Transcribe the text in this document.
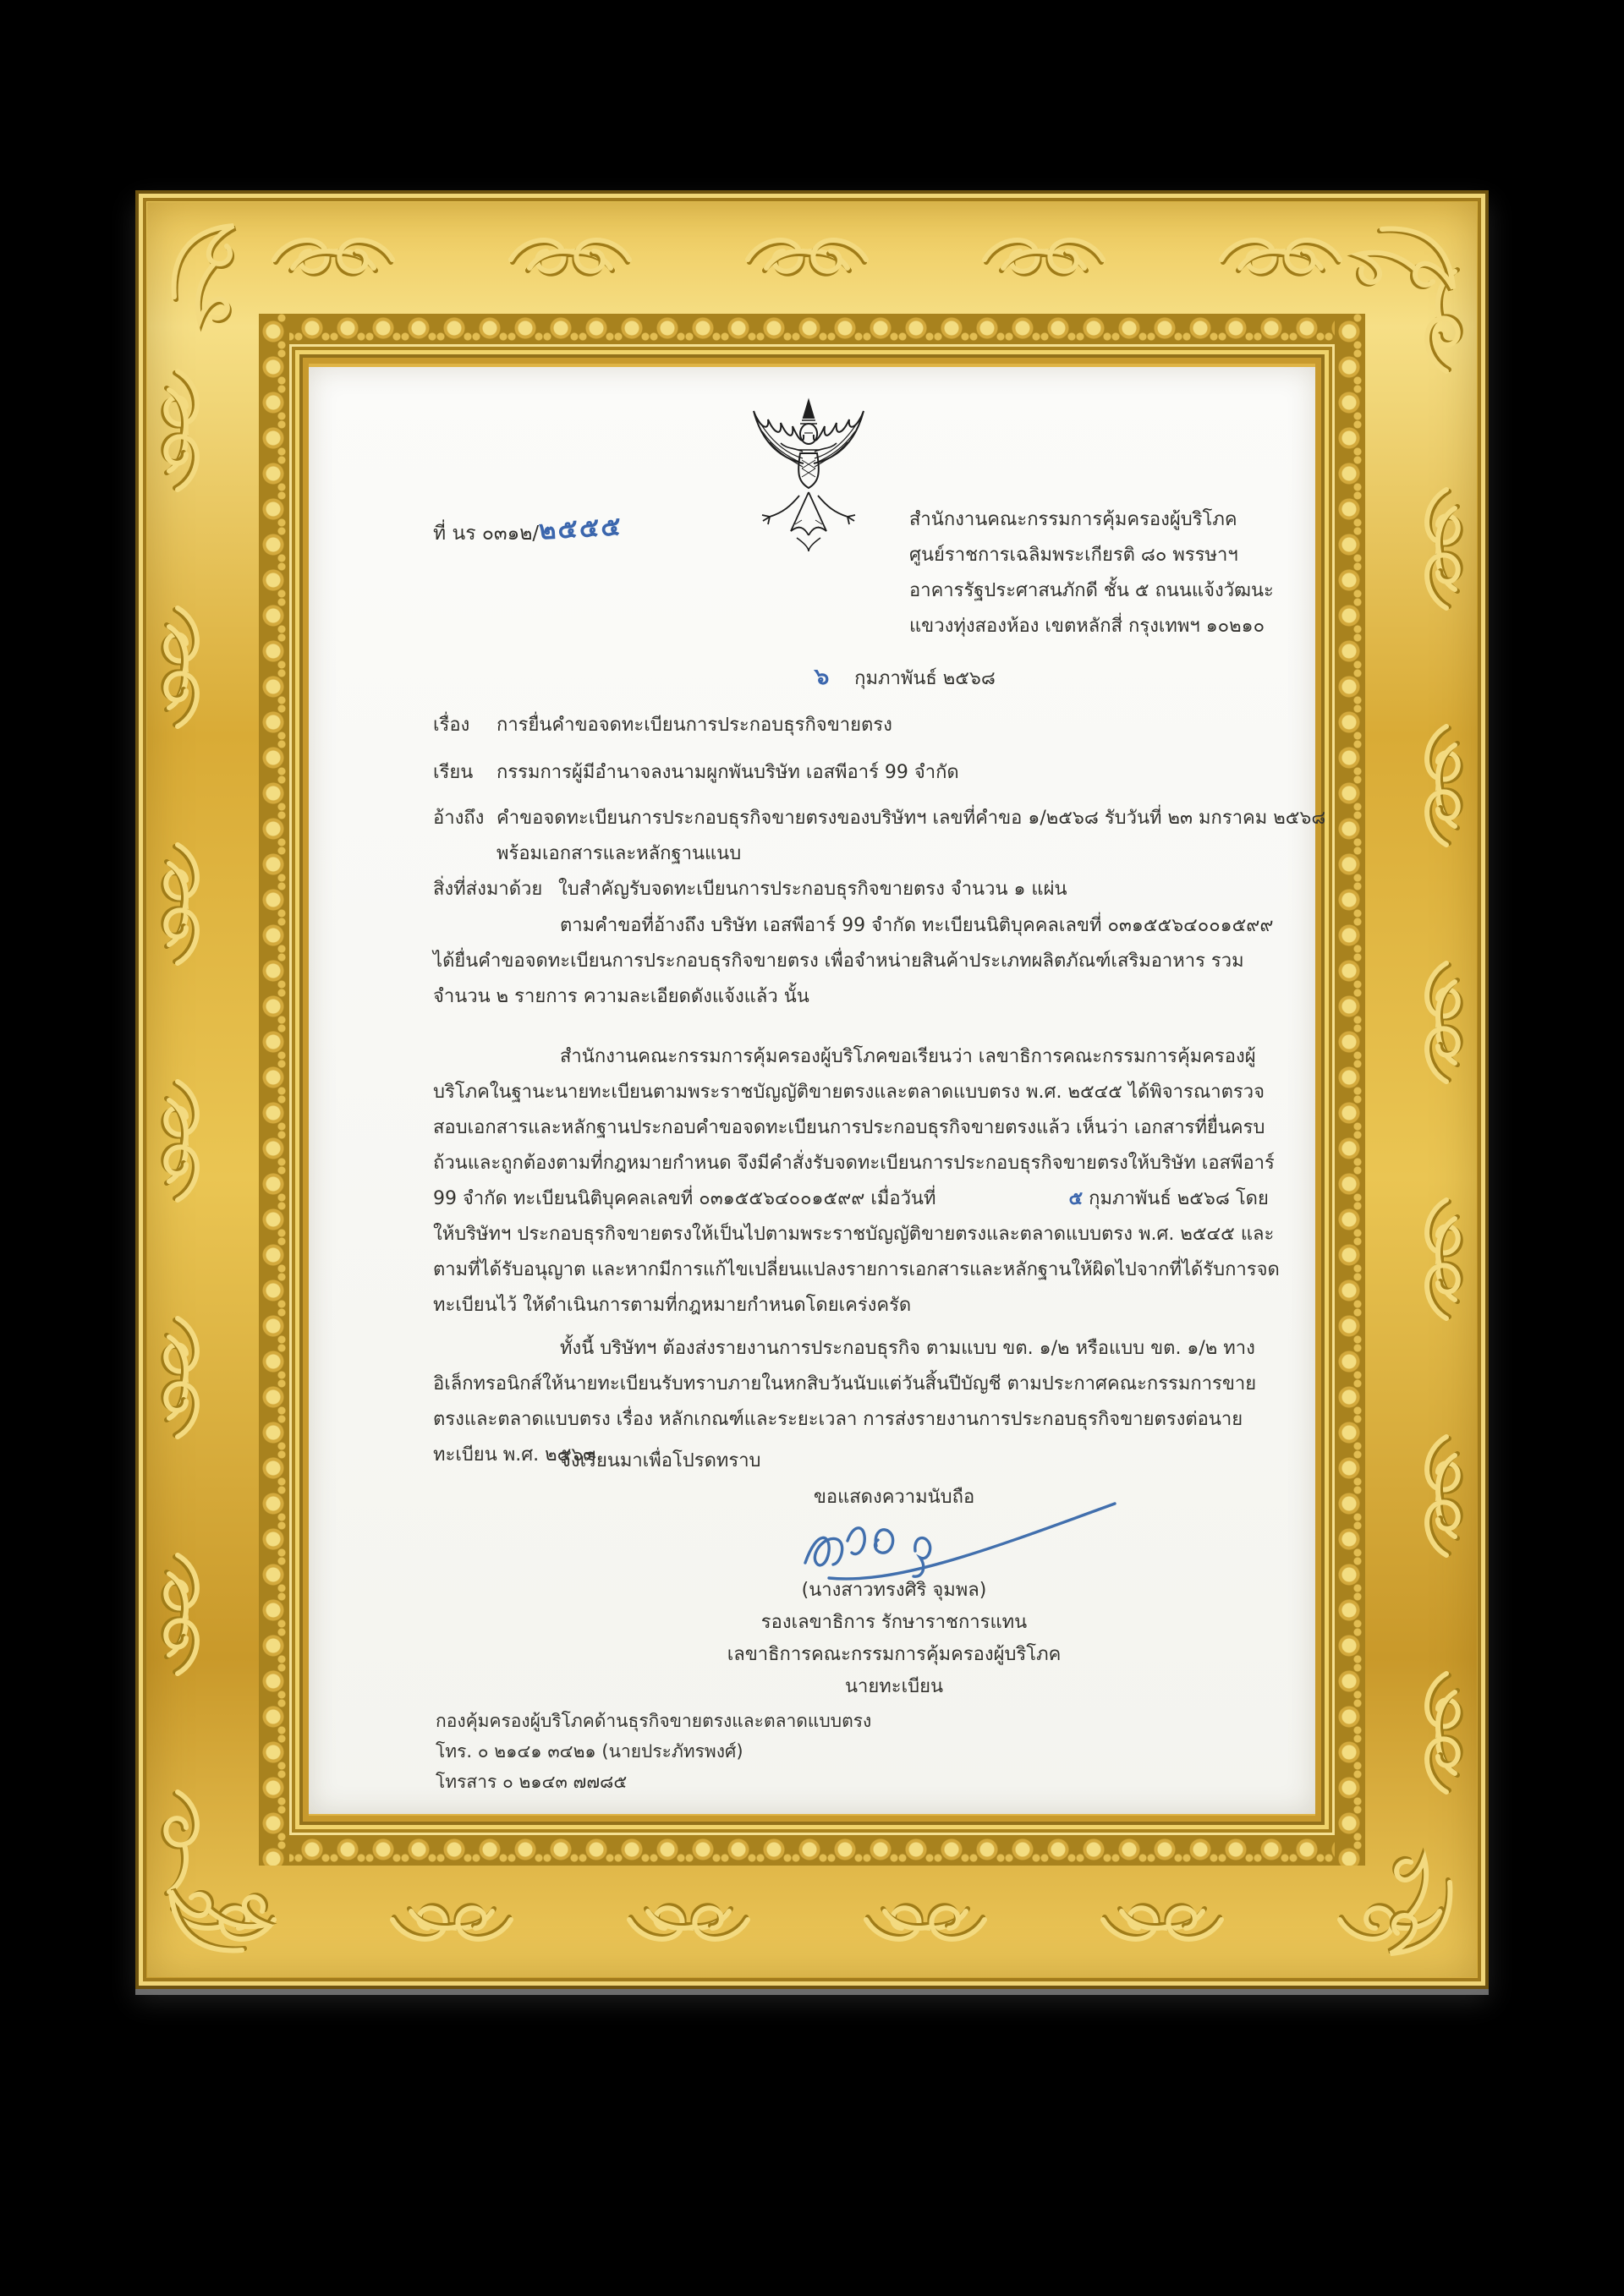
ที่ นร ๐๓๑๒/๒๕๕๕	สำนักงานคณะกรรมการคุ้มครองผู้บริโภค
ศูนย์ราชการเฉลิมพระเกียรติ ๘๐ พรรษาฯ
อาคารรัฐประศาสนภักดี ชั้น ๕ ถนนแจ้งวัฒนะ
แขวงทุ่งสองห้อง เขตหลักสี่ กรุงเทพฯ ๑๐๒๑๐
๖ กุมภาพันธ์ ๒๕๖๘
เรื่อง การยื่นคำขอจดทะเบียนการประกอบธุรกิจขายตรง
เรียน กรรมการผู้มีอำนาจลงนามผูกพันบริษัท เอสพีอาร์ 99 จำกัด
อ้างถึง คำขอจดทะเบียนการประกอบธุรกิจขายตรงของบริษัทฯ เลขที่คำขอ ๑/๒๕๖๘ รับวันที่ ๒๓ มกราคม ๒๕๖๘
พร้อมเอกสารและหลักฐานแนบ
สิ่งที่ส่งมาด้วย ใบสำคัญรับจดทะเบียนการประกอบธุรกิจขายตรง จำนวน ๑ แผ่น
ตามคำขอที่อ้างถึง บริษัท เอสพีอาร์ 99 จำกัด ทะเบียนนิติบุคคลเลขที่ ๐๓๑๕๕๖๔๐๐๑๕๙๙ ได้ยื่นคำขอจดทะเบียนการประกอบธุรกิจขายตรง เพื่อจำหน่ายสินค้าประเภทผลิตภัณฑ์เสริมอาหาร รวมจำนวน ๒ รายการ ความละเอียดดังแจ้งแล้ว นั้น
สำนักงานคณะกรรมการคุ้มครองผู้บริโภคขอเรียนว่า เลขาธิการคณะกรรมการคุ้มครองผู้บริโภคในฐานะนายทะเบียนตามพระราชบัญญัติขายตรงและตลาดแบบตรง พ.ศ. ๒๕๔๕ ได้พิจารณาตรวจสอบเอกสารและหลักฐานประกอบคำขอจดทะเบียนการประกอบธุรกิจขายตรงแล้ว เห็นว่า เอกสารที่ยื่นครบถ้วนและถูกต้องตามที่กฎหมายกำหนด จึงมีคำสั่งรับจดทะเบียนการประกอบธุรกิจขายตรงให้บริษัท เอสพีอาร์ 99 จำกัด ทะเบียนนิติบุคคลเลขที่ ๐๓๑๕๕๖๔๐๐๑๕๙๙ เมื่อวันที่	๕ กุมภาพันธ์ ๒๕๖๘ โดยให้บริษัทฯ ประกอบธุรกิจขายตรงให้เป็นไปตามพระราชบัญญัติขายตรงและตลาดแบบตรง พ.ศ. ๒๕๔๕ และตามที่ได้รับอนุญาต และหากมีการแก้ไขเปลี่ยนแปลงรายการเอกสารและหลักฐานให้ผิดไปจากที่ได้รับการจดทะเบียนไว้ ให้ดำเนินการตามที่กฎหมายกำหนดโดยเคร่งครัด
ทั้งนี้ บริษัทฯ ต้องส่งรายงานการประกอบธุรกิจ ตามแบบ ขต. ๑/๒ หรือแบบ ขต. ๑/๒ ทางอิเล็กทรอนิกส์ให้นายทะเบียนรับทราบภายในหกสิบวันนับแต่วันสิ้นปีบัญชี ตามประกาศคณะกรรมการขายตรงและตลาดแบบตรง เรื่อง หลักเกณฑ์และระยะเวลา การส่งรายงานการประกอบธุรกิจขายตรงต่อนายทะเบียน พ.ศ. ๒๕๖๓
จึงเรียนมาเพื่อโปรดทราบ
ขอแสดงความนับถือ
(นางสาวทรงศิริ จุมพล)
รองเลขาธิการ รักษาราชการแทน
เลขาธิการคณะกรรมการคุ้มครองผู้บริโภค
นายทะเบียน
กองคุ้มครองผู้บริโภคด้านธุรกิจขายตรงและตลาดแบบตรง
โทร. ๐ ๒๑๔๑ ๓๔๒๑ (นายประภัทรพงศ์)
โทรสาร ๐ ๒๑๔๓ ๗๗๘๕
